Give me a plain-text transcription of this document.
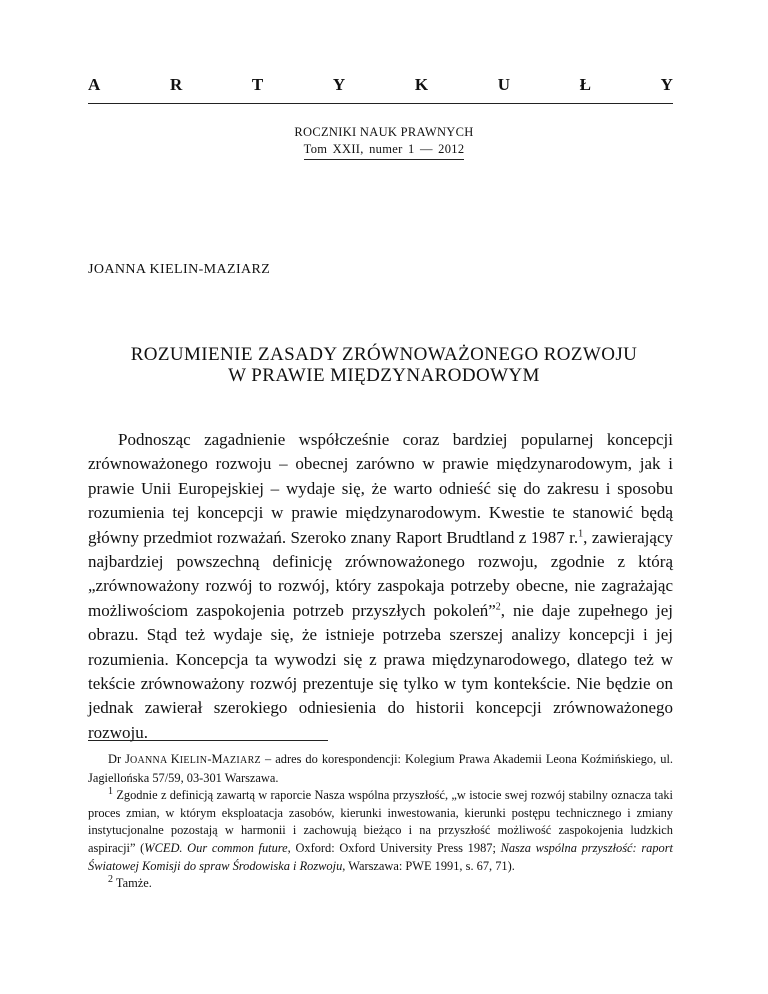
A	R	T	Y	K	U	Ł	Y
ROCZNIKI NAUK PRAWNYCH
Tom XXII, numer 1 — 2012
JOANNA KIELIN-MAZIARZ
ROZUMIENIE ZASADY ZRÓWNOWAŻONEGO ROZWOJU
W PRAWIE MIĘDZYNARODOWYM

Podnosząc zagadnienie współcześnie coraz bardziej popularnej koncepcji zrównoważonego rozwoju – obecnej zarówno w prawie międzynarodowym, jak i prawie Unii Europejskiej – wydaje się, że warto odnieść się do zakresu i sposobu rozumienia tej koncepcji w prawie międzynarodowym. Kwestie te stanowić będą główny przedmiot rozważań. Szeroko znany Raport Brudtland z 1987 r.$^1$, zawierający najbardziej powszechną definicję zrównoważonego rozwoju, zgodnie z którą „zrównoważony rozwój to rozwój, który zaspokaja potrzeby obecne, nie zagrażając możliwościom zaspokojenia potrzeb przyszłych pokoleń”$^2$, nie daje zupełnego jej obrazu. Stąd też wydaje się, że istnieje potrzeba szerszej analizy koncepcji i jej rozumienia. Koncepcja ta wywodzi się z prawa międzynarodowego, dlatego też w tekście zrównoważony rozwój prezentuje się tylko w tym kontekście. Nie będzie on jednak zawierał szerokiego odniesienia do historii koncepcji zrównoważonego rozwoju.

Dr JOANNA KIELIN-MAZIARZ – adres do korespondencji: Kolegium Prawa Akademii Leona Koźmińskiego, ul. Jagiellońska 57/59, 03-301 Warszawa.

$^1$ Zgodnie z definicją zawartą w raporcie Nasza wspólna przyszłość, „w istocie swej rozwój stabilny oznacza taki proces zmian, w którym eksploatacja zasobów, kierunki inwestowania, kierunki postępu technicznego i zmiany instytucjonalne pozostają w harmonii i zachowują bieżąco i na przyszłość możliwość zaspokojenia ludzkich aspiracji” (WCED. Our common future, Oxford: Oxford University Press 1987; Nasza wspólna przyszłość: raport Światowej Komisji do spraw Środowiska i Rozwoju, Warszawa: PWE 1991, s. 67, 71).

$^2$ Tamże.
